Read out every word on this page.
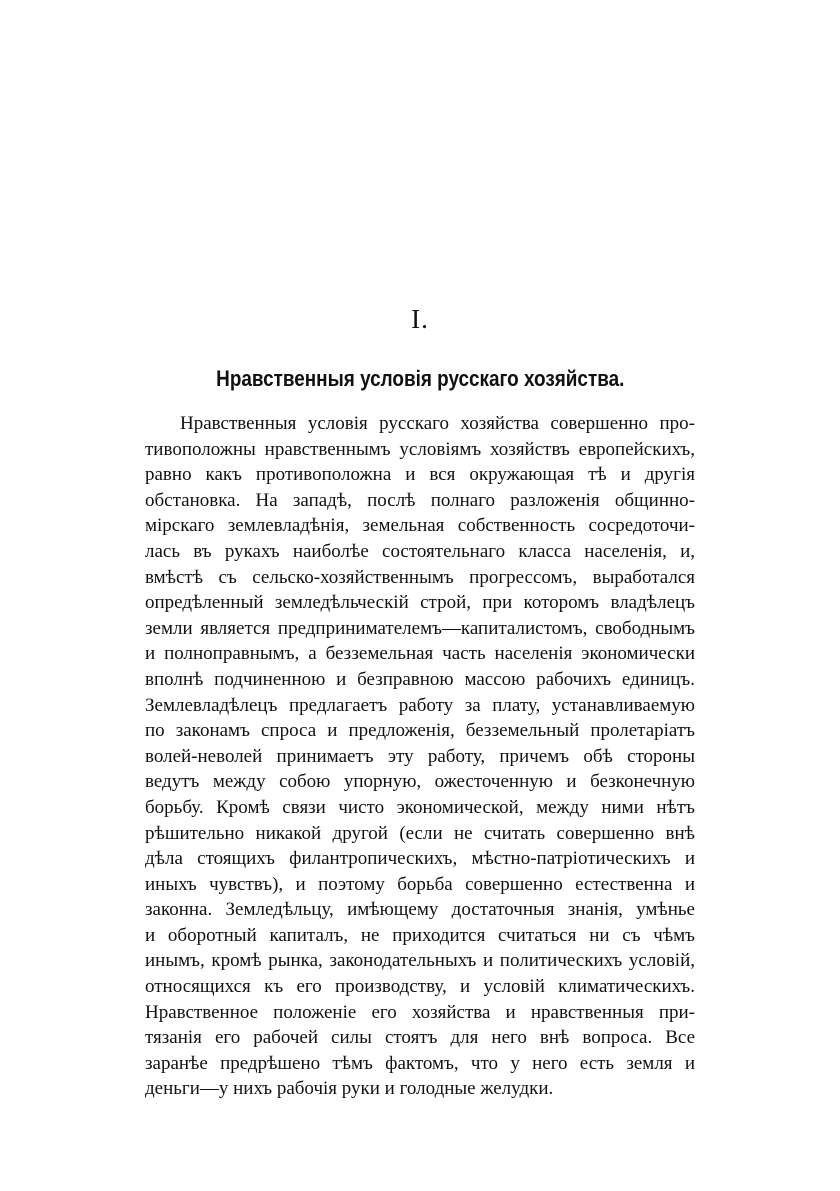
I.
Нравственныя условія русскаго хозяйства.
Нравственныя условія русскаго хозяйства совершенно про-
тивоположны нравственнымъ условіямъ хозяйствъ европейскихъ,
равно какъ противоположна и вся окружающая тѣ и другія
обстановка. На западѣ, послѣ полнаго разложенія общинно-
мірскаго землевладѣнія, земельная собственность сосредоточи-
лась въ рукахъ наиболѣе состоятельнаго класса населенія, и,
вмѣстѣ съ сельско-хозяйственнымъ прогрессомъ, выработался
опредѣленный земледѣльческій строй, при которомъ владѣлецъ
земли является предпринимателемъ—капиталистомъ, свободнымъ
и полноправнымъ, а безземельная часть населенія экономически
вполнѣ подчиненною и безправною массою рабочихъ единицъ.
Землевладѣлецъ предлагаетъ работу за плату, устанавливаемую
по законамъ спроса и предложенія, безземельный пролетаріатъ
волей-неволей принимаетъ эту работу, причемъ обѣ стороны
ведутъ между собою упорную, ожесточенную и безконечную
борьбу. Кромѣ связи чисто экономической, между ними нѣтъ
рѣшительно никакой другой (если не считать совершенно внѣ
дѣла стоящихъ филантропическихъ, мѣстно-патріотическихъ и
иныхъ чувствъ), и поэтому борьба совершенно естественна и
законна. Земледѣльцу, имѣющему достаточныя знанія, умѣнье
и оборотный капиталъ, не приходится считаться ни съ чѣмъ
инымъ, кромѣ рынка, законодательныхъ и политическихъ условій,
относящихся къ его производству, и условій климатическихъ.
Нравственное положеніе его хозяйства и нравственныя при-
тязанія его рабочей силы стоятъ для него внѣ вопроса. Все
заранѣе предрѣшено тѣмъ фактомъ, что у него есть земля и
деньги—у нихъ рабочія руки и голодные желудки.
